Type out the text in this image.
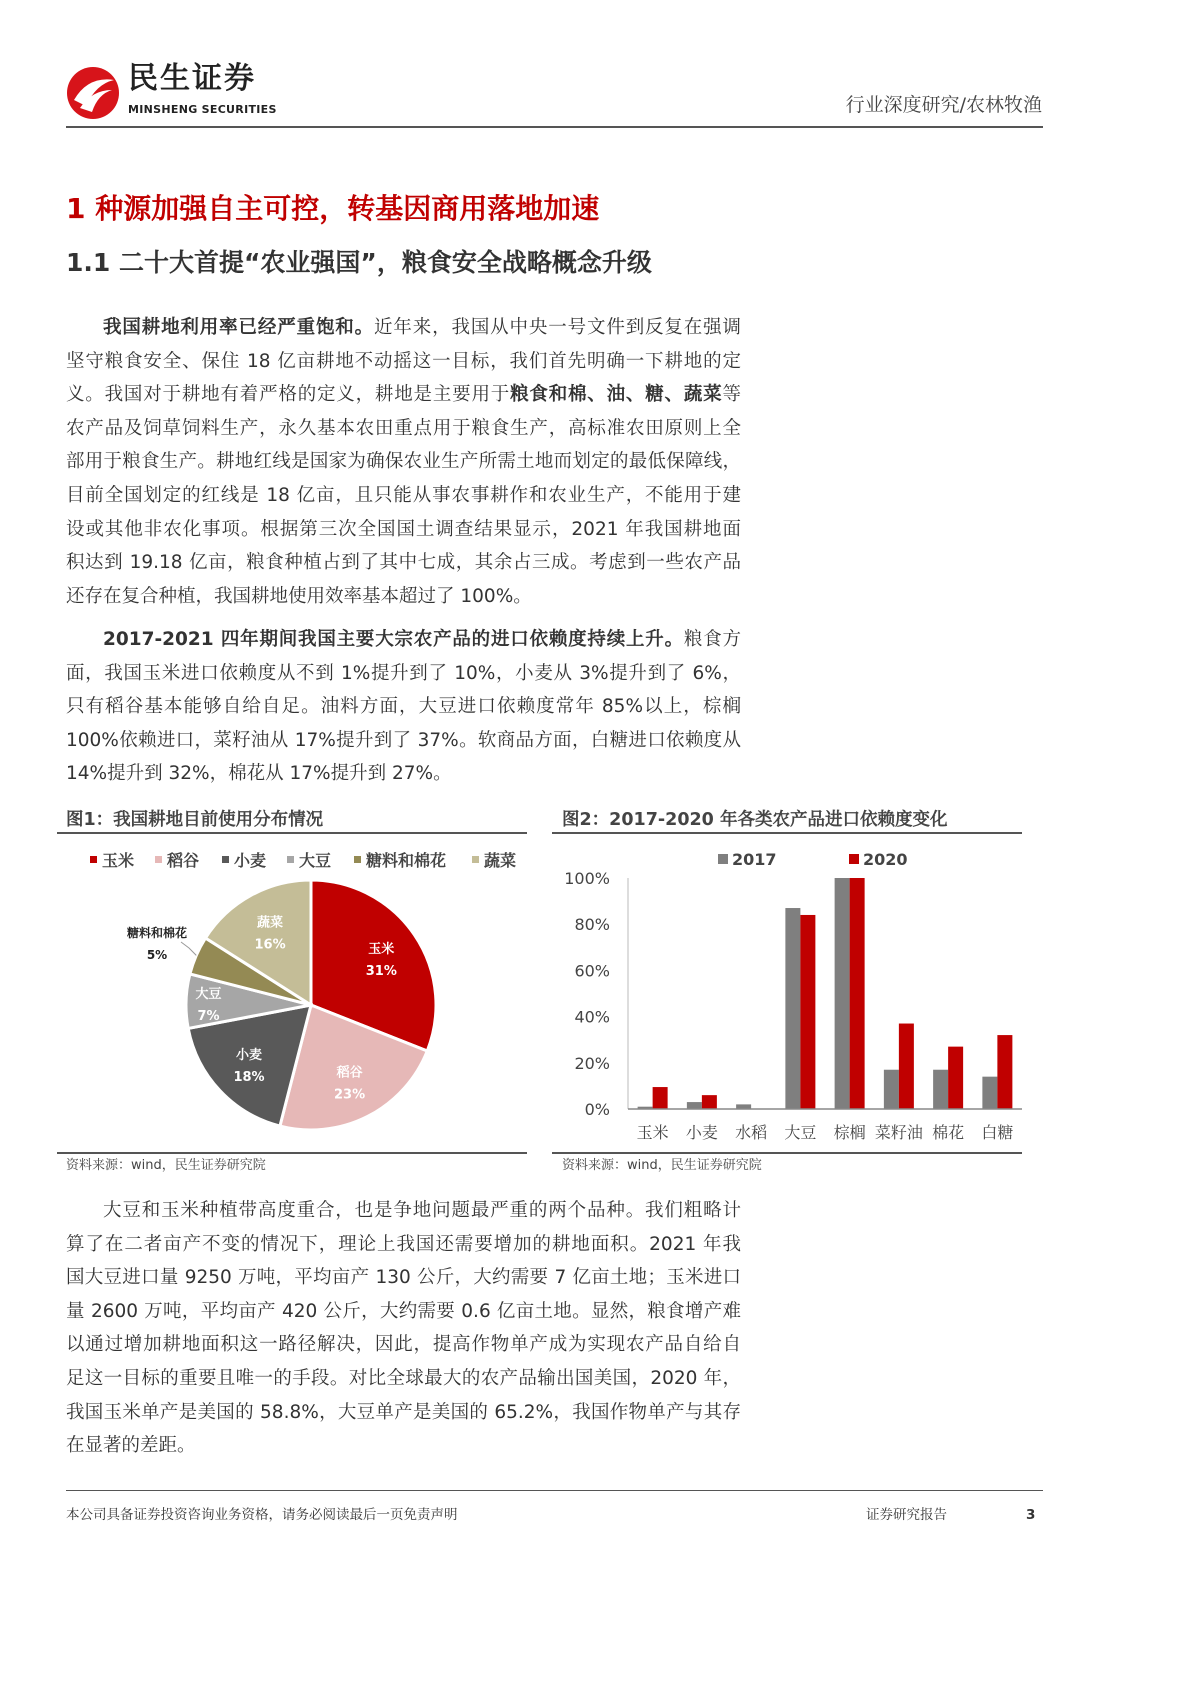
民生证券
MINSHENG SECURITIES	行业深度研究/农林牧渔
1 种源加强自主可控，转基因商用落地加速
1.1 二十大首提“农业强国”，粮食安全战略概念升级
我国耕地利用率已经严重饱和。近年来，我国从中央一号文件到反复在强调
坚守粮食安全、保住 18 亿亩耕地不动摇这一目标，我们首先明确一下耕地的定
义。我国对于耕地有着严格的定义，耕地是主要用于粮食和棉、油、糖、蔬菜等
农产品及饲草饲料生产，永久基本农田重点用于粮食生产，高标准农田原则上全
部用于粮食生产。耕地红线是国家为确保农业生产所需土地而划定的最低保障线，
目前全国划定的红线是 18 亿亩，且只能从事农事耕作和农业生产，不能用于建
设或其他非农化事项。根据第三次全国国土调查结果显示，2021 年我国耕地面
积达到 19.18 亿亩，粮食种植占到了其中七成，其余占三成。考虑到一些农产品
还存在复合种植，我国耕地使用效率基本超过了 100%。
2017-2021 四年期间我国主要大宗农产品的进口依赖度持续上升。粮食方
面，我国玉米进口依赖度从不到 1%提升到了 10%，小麦从 3%提升到了 6%，
只有稻谷基本能够自给自足。油料方面，大豆进口依赖度常年 85%以上，棕榈
100%依赖进口，菜籽油从 17%提升到了 37%。软商品方面，白糖进口依赖度从
14%提升到 32%，棉花从 17%提升到 27%。
图1：我国耕地目前使用分布情况
玉米 稻谷 小麦 大豆 糖料和棉花 蔬菜
玉米
31%
稻谷
23%
小麦
18%
大豆
7%
糖料和棉花
5%
蔬菜
16%
资料来源：wind，民生证券研究院
图2：2017-2020 年各类农产品进口依赖度变化
2017	2020
0%
20%
40%
60%
80%
100%
玉米 小麦 水稻 大豆 棕榈 菜籽油 棉花 白糖
资料来源：wind，民生证券研究院
大豆和玉米种植带高度重合，也是争地问题最严重的两个品种。我们粗略计
算了在二者亩产不变的情况下，理论上我国还需要增加的耕地面积。2021 年我
国大豆进口量 9250 万吨，平均亩产 130 公斤，大约需要 7 亿亩土地；玉米进口
量 2600 万吨，平均亩产 420 公斤，大约需要 0.6 亿亩土地。显然，粮食增产难
以通过增加耕地面积这一路径解决，因此，提高作物单产成为实现农产品自给自
足这一目标的重要且唯一的手段。对比全球最大的农产品输出国美国，2020 年，
我国玉米单产是美国的 58.8%，大豆单产是美国的 65.2%，我国作物单产与其存
在显著的差距。
本公司具备证券投资咨询业务资格，请务必阅读最后一页免责声明	证券研究报告	3
